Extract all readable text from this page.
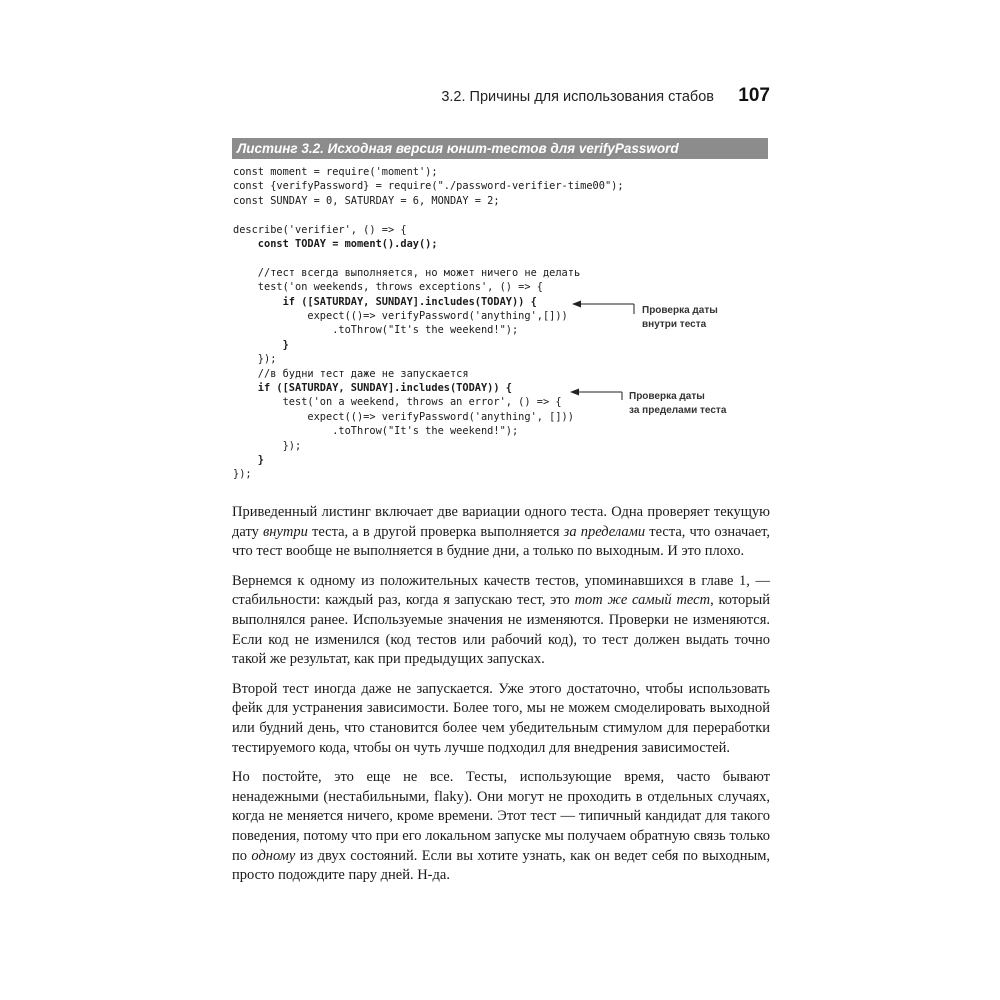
3.2. Причины для использования стабов 107
Листинг 3.2. Исходная версия юнит-тестов для verifyPassword
const moment = require('moment');
const {verifyPassword} = require("./password-verifier-time00");
const SUNDAY = 0, SATURDAY = 6, MONDAY = 2;
describe('verifier', () => {
const TODAY = moment().day();
//тест всегда выполняется, но может ничего не делать
test('on weekends, throws exceptions', () => {
if ([SATURDAY, SUNDAY].includes(TODAY)) {
expect(()=> verifyPassword('anything',[]))
.toThrow("It's the weekend!");
}
});
//в будни тест даже не запускается
if ([SATURDAY, SUNDAY].includes(TODAY)) {
test('on a weekend, throws an error', () => {
expect(()=> verifyPassword('anything', []))
.toThrow("It's the weekend!");
});
}
});
Проверка даты
внутри теста
Проверка даты
за пределами теста

Приведенный листинг включает две вариации одного теста. Одна проверяет текущую дату внутри теста, а в другой проверка выполняется за пределами теста, что означает, что тест вообще не выполняется в будние дни, а только по выходным. И это плохо.

Вернемся к одному из положительных качеств тестов, упоминавшихся в главе 1, — стабильности: каждый раз, когда я запускаю тест, это тот же самый тест, который выполнялся ранее. Используемые значения не изменяются. Проверки не изменяются. Если код не изменился (код тестов или рабочий код), то тест должен выдать точно такой же результат, как при предыдущих запусках.

Второй тест иногда даже не запускается. Уже этого достаточно, чтобы использовать фейк для устранения зависимости. Более того, мы не можем смоделировать выходной или будний день, что становится более чем убедительным стимулом для переработки тестируемого кода, чтобы он чуть лучше подходил для внедрения зависимостей.

Но постойте, это еще не все. Тесты, использующие время, часто бывают ненадежными (нестабильными, flaky). Они могут не проходить в отдельных случаях, когда не меняется ничего, кроме времени. Этот тест — типичный кандидат для такого поведения, потому что при его локальном запуске мы получаем обратную связь только по одному из двух состояний. Если вы хотите узнать, как он ведет себя по выходным, просто подождите пару дней. Н-да.
